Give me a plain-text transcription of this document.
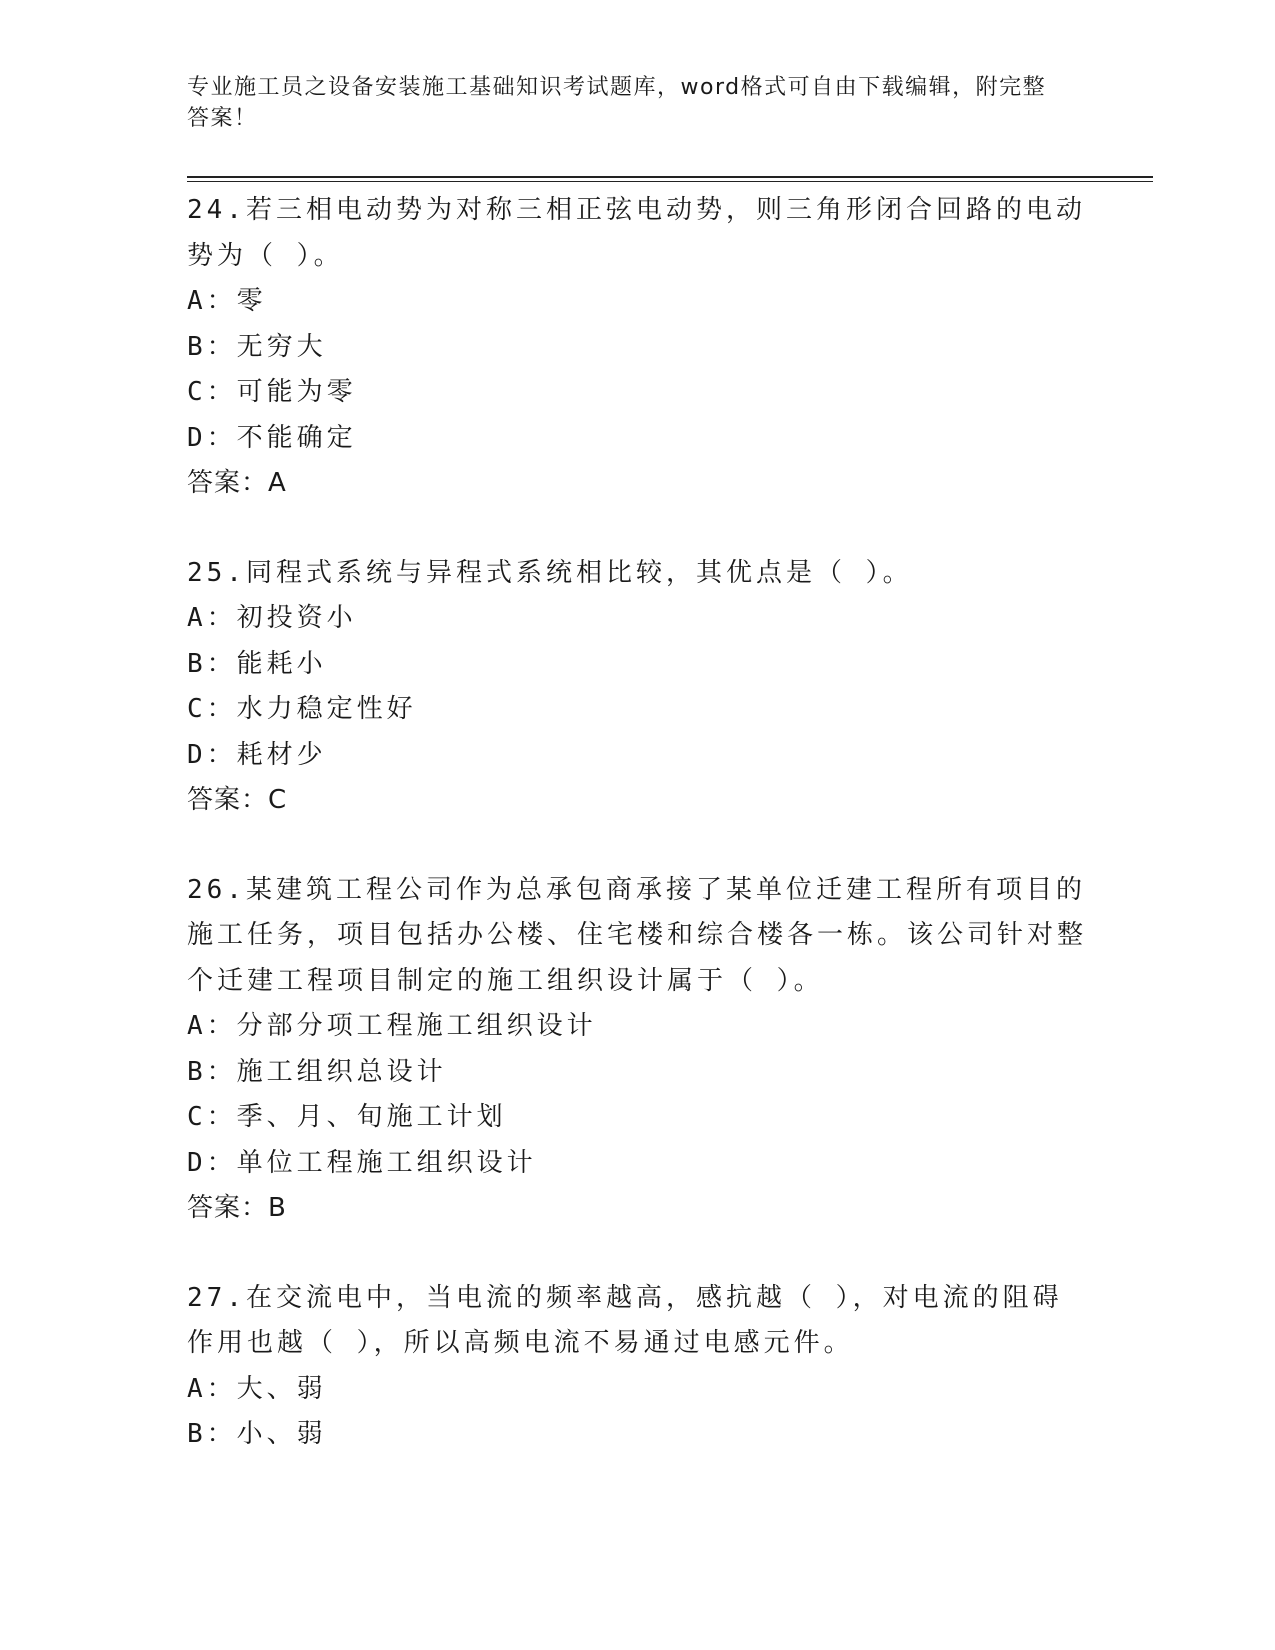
专业施工员之设备安装施工基础知识考试题库，word格式可自由下载编辑，附完整答案！
24.若三相电动势为对称三相正弦电动势，则三角形闭合回路的电动势为（ ）。
A：零
B：无穷大
C：可能为零
D：不能确定
答案：A
25.同程式系统与异程式系统相比较，其优点是（ ）。
A：初投资小
B：能耗小
C：水力稳定性好
D：耗材少
答案：C
26.某建筑工程公司作为总承包商承接了某单位迁建工程所有项目的施工任务，项目包括办公楼、住宅楼和综合楼各一栋。该公司针对整个迁建工程项目制定的施工组织设计属于（ ）。
A：分部分项工程施工组织设计
B：施工组织总设计
C：季、月、旬施工计划
D：单位工程施工组织设计
答案：B
27.在交流电中，当电流的频率越高，感抗越（ ），对电流的阻碍作用也越（ ），所以高频电流不易通过电感元件。
A：大、弱
B：小、弱
